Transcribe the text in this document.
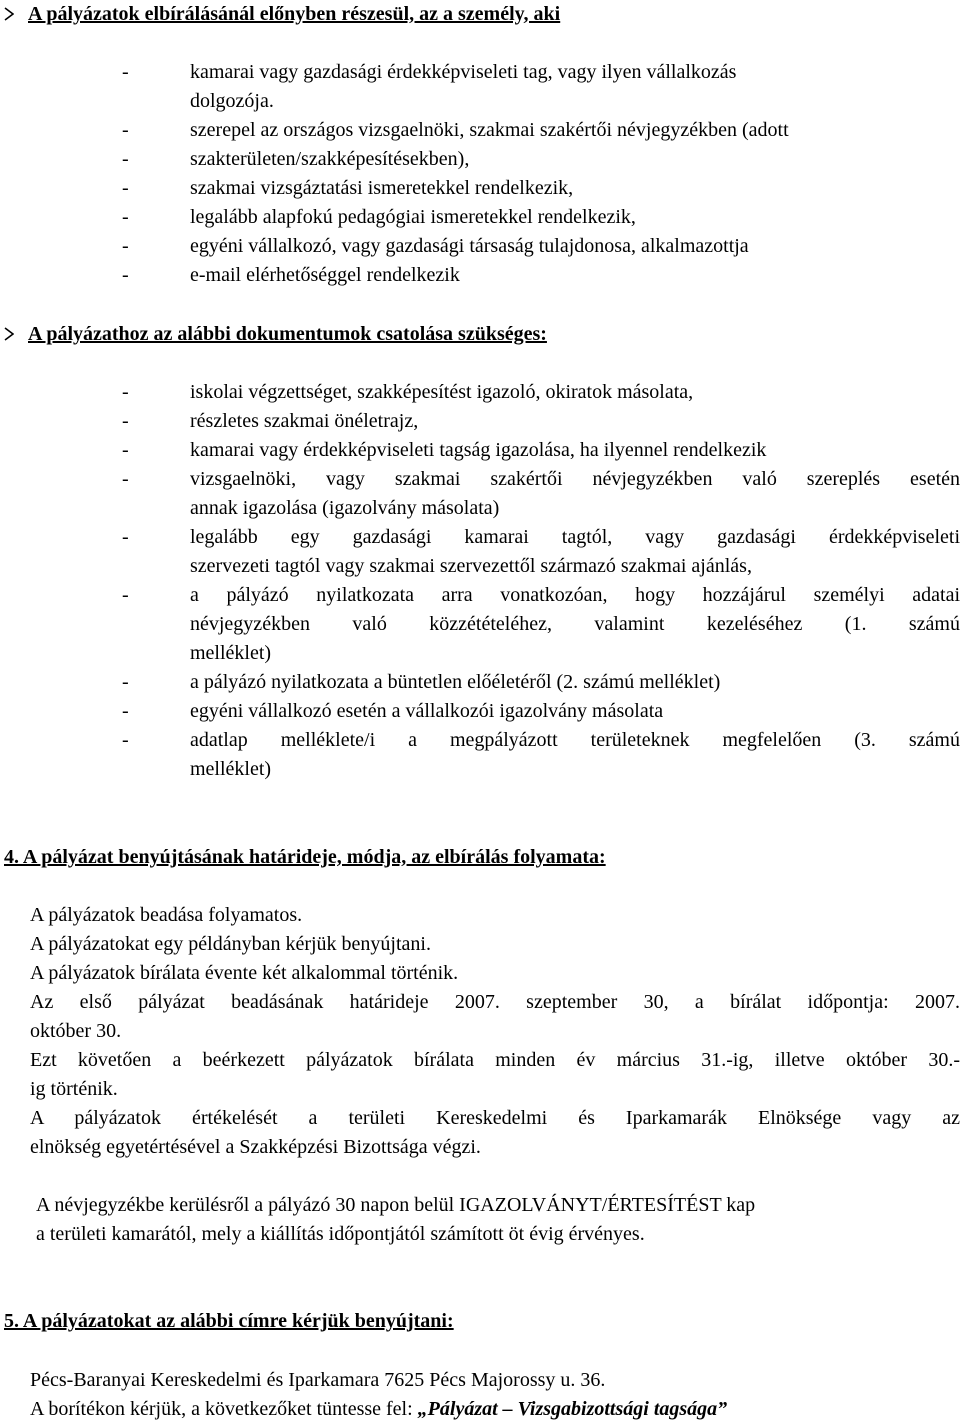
A pályázatok elbírálásánál előnyben részesül, az a személy, aki
-	kamarai vagy gazdasági érdekképviseleti tag, vagy ilyen vállalkozás
dolgozója.
-	szerepel az országos vizsgaelnöki, szakmai szakértői névjegyzékben (adott
-	szakterületen/szakképesítésekben),
-	szakmai vizsgáztatási ismeretekkel rendelkezik,
-	legalább alapfokú pedagógiai ismeretekkel rendelkezik,
-	egyéni vállalkozó, vagy gazdasági társaság tulajdonosa, alkalmazottja
-	e-mail elérhetőséggel rendelkezik
A pályázathoz az alábbi dokumentumok csatolása szükséges:
-	iskolai végzettséget, szakképesítést igazoló, okiratok másolata,
-	részletes szakmai önéletrajz,
-	kamarai vagy érdekképviseleti tagság igazolása, ha ilyennel rendelkezik
-	vizsgaelnöki, vagy szakmai szakértői névjegyzékben való szereplés esetén
annak igazolása (igazolvány másolata)
-	legalább egy gazdasági kamarai tagtól, vagy gazdasági érdekképviseleti
szervezeti tagtól vagy szakmai szervezettől származó szakmai ajánlás,
-	a pályázó nyilatkozata arra vonatkozóan, hogy hozzájárul személyi adatai
névjegyzékben való közzétételéhez, valamint kezeléséhez (1. számú
melléklet)
-	a pályázó nyilatkozata a büntetlen előéletéről (2. számú melléklet)
-	egyéni vállalkozó esetén a vállalkozói igazolvány másolata
-	adatlap melléklete/i a megpályázott területeknek megfelelően (3. számú
melléklet)
4. A pályázat benyújtásának határideje, módja, az elbírálás folyamata:
A pályázatok beadása folyamatos.
A pályázatokat egy példányban kérjük benyújtani.
A pályázatok bírálata évente két alkalommal történik.
Az első pályázat beadásának határideje 2007. szeptember 30, a bírálat időpontja: 2007.
október 30.
Ezt követően a beérkezett pályázatok bírálata minden év március 31.-ig, illetve október 30.-
ig történik.
A pályázatok értékelését a területi Kereskedelmi és Iparkamarák Elnöksége vagy az
elnökség egyetértésével a Szakképzési Bizottsága végzi.
A névjegyzékbe kerülésről a pályázó 30 napon belül IGAZOLVÁNYT/ÉRTESÍTÉST kap
a területi kamarától, mely a kiállítás időpontjától számított öt évig érvényes.
5. A pályázatokat az alábbi címre kérjük benyújtani:
Pécs-Baranyai Kereskedelmi és Iparkamara 7625 Pécs Majorossy u. 36.
A borítékon kérjük, a következőket tüntesse fel: „Pályázat – Vizsgabizottsági tagsága”
